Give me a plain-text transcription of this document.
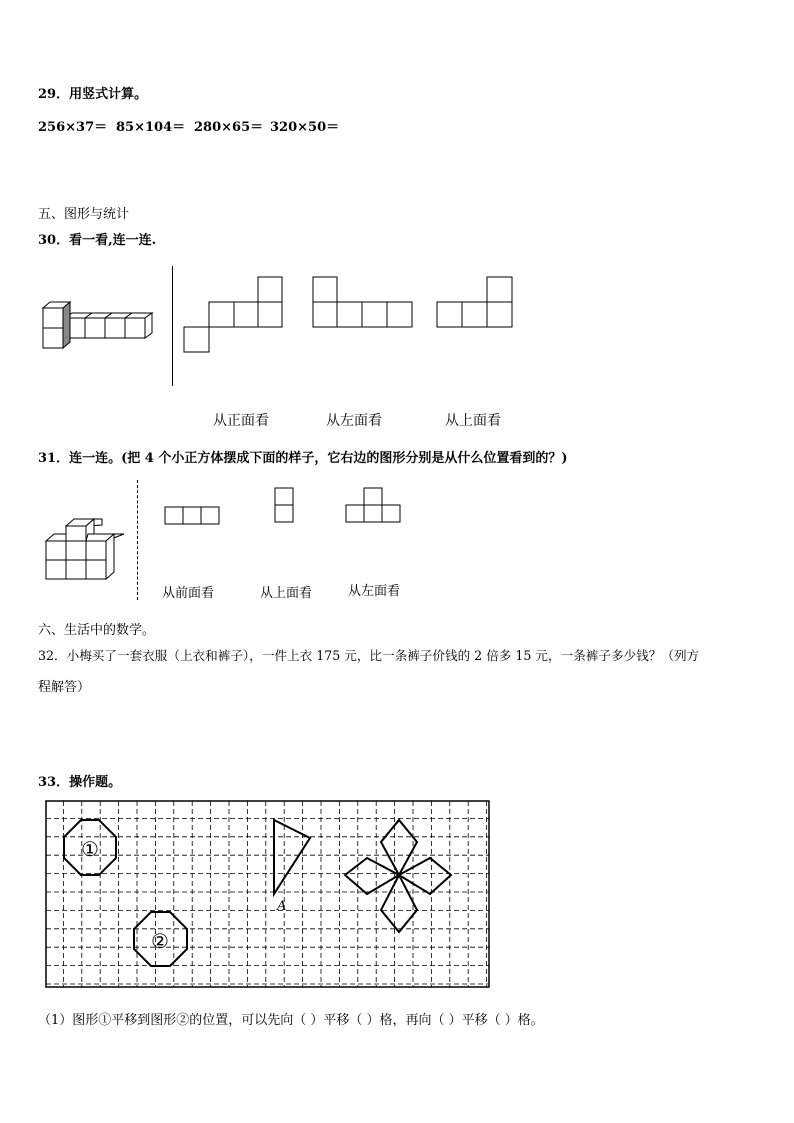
29．用竖式计算。
256×37＝ 85×104＝ 280×65＝ 320×50＝
五、图形与统计
30．看一看,连一连.
从正面看	从左面看	从上面看
31．连一连。(把 4 个小正方体摆成下面的样子，它右边的图形分别是从什么位置看到的？)
从前面看	从上面看	从左面看
六、生活中的数学。
32．小梅买了一套衣服（上衣和裤子），一件上衣 175 元，比一条裤子价钱的 2 倍多 15 元，一条裤子多少钱？（列方
程解答）
33．操作题。
①
②
A
（1）图形①平移到图形②的位置，可以先向（ ）平移（ ）格，再向（ ）平移（ ）格。
